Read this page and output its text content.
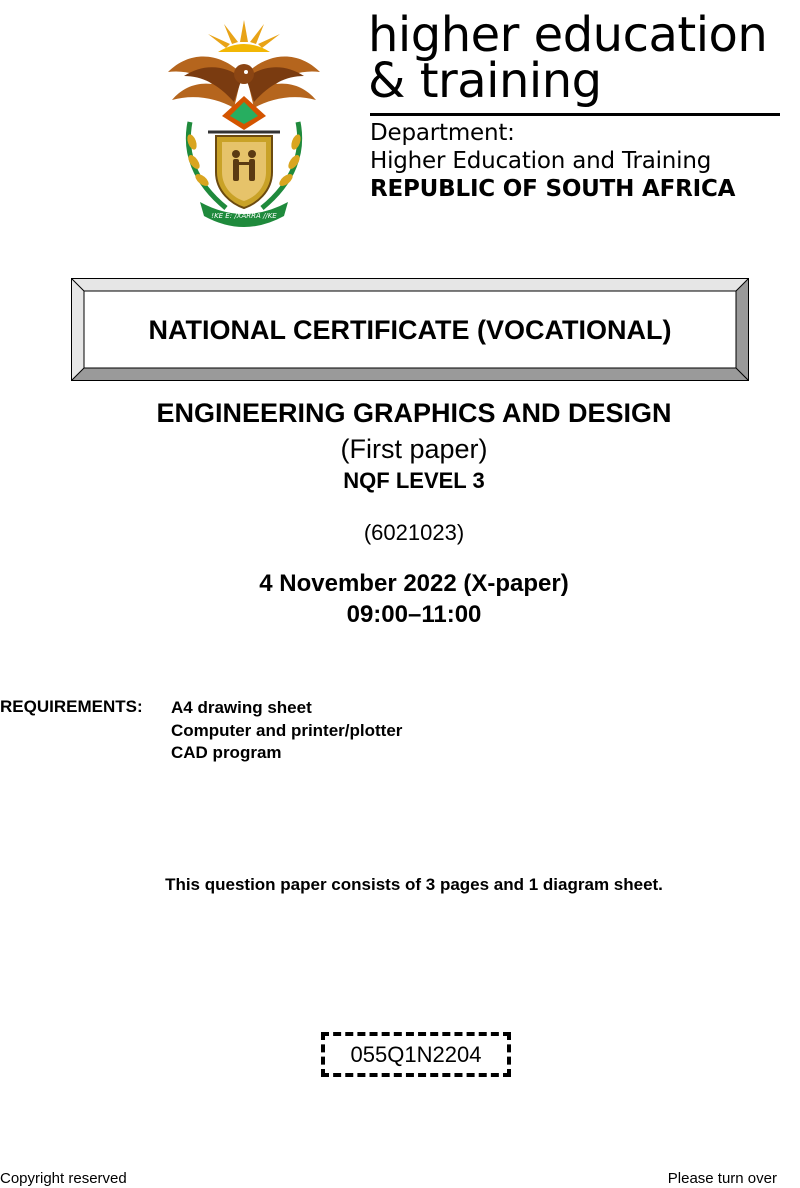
!KE E: /XARRA //KE
higher education
& training
Department:
Higher Education and Training
REPUBLIC OF SOUTH AFRICA
NATIONAL CERTIFICATE (VOCATIONAL)
ENGINEERING GRAPHICS AND DESIGN
(First paper)
NQF LEVEL 3
(6021023)
4 November 2022 (X-paper)
09:00–11:00
REQUIREMENTS: A4 drawing sheet
Computer and printer/plotter
CAD program
This question paper consists of 3 pages and 1 diagram sheet.
055Q1N2204
Copyright reserved	Please turn over
